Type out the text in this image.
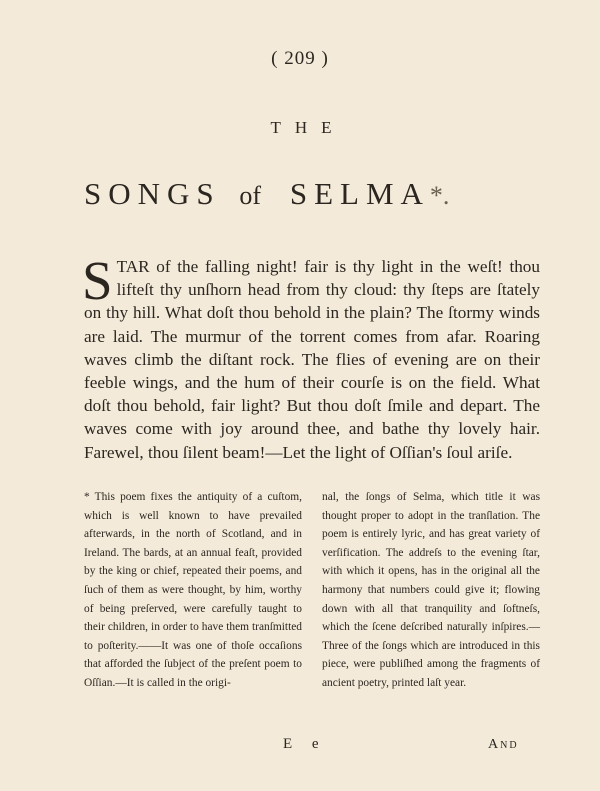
( 209 )
THE
SONGS of SELMA*.

STAR of the falling night! fair is thy light in the weſt! thou lifteſt thy unſhorn head from thy cloud: thy ſteps are ſtately on thy hill. What doſt thou behold in the plain? The ſtormy winds are laid. The murmur of the torrent comes from afar. Roaring waves climb the diſtant rock. The flies of evening are on their feeble wings, and the hum of their courſe is on the field. What doſt thou behold, fair light? But thou doſt ſmile and depart. The waves come with joy around thee, and bathe thy lovely hair. Farewel, thou ſilent beam!—Let the light of Oſſian's ſoul ariſe.

* This poem fixes the antiquity of a cuſtom, which is well known to have prevailed afterwards, in the north of Scotland, and in Ireland. The bards, at an annual feaſt, provided by the king or chief, repeated their poems, and ſuch of them as were thought, by him, worthy of being preſerved, were carefully taught to their children, in order to have them tranſmitted to poſterity.——It was one of thoſe occaſions that afforded the ſubject of the preſent poem to Oſſian.—It is called in the origi-

nal, the ſongs of Selma, which title it was thought proper to adopt in the tranſlation. The poem is entirely lyric, and has great variety of verſification. The addreſs to the evening ſtar, with which it opens, has in the original all the harmony that numbers could give it; flowing down with all that tranquility and ſoftneſs, which the ſcene deſcribed naturally inſpires.—Three of the ſongs which are introduced in this piece, were publiſhed among the fragments of ancient poetry, printed laſt year.

E e	And
